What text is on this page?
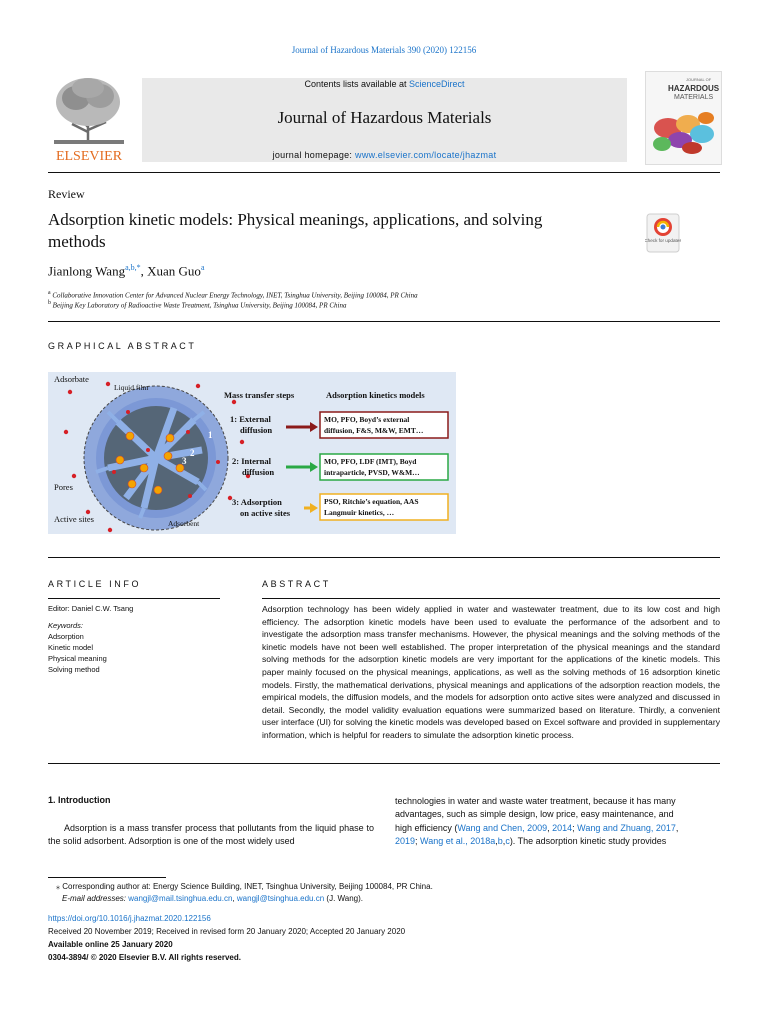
Journal of Hazardous Materials 390 (2020) 122156
ELSEVIER
Contents lists available at ScienceDirect
Journal of Hazardous Materials
journal homepage: www.elsevier.com/locate/jhazmat
JOURNAL OF
HAZARDOUS
MATERIALS
Review
Adsorption kinetic models: Physical meanings, applications, and solving
methods	Check for updates
Jianlong Wang$^{a,b,*}$, Xuan Guo$^a$
$^a$ Collaborative Innovation Center for Advanced Nuclear Energy Technology, INET, Tsinghua University, Beijing 100084, PR China
$^b$ Beijing Key Laboratory of Radioactive Waste Treatment, Tsinghua University, Beijing 100084, PR China
GRAPHICAL ABSTRACT
Adsorbate
Liquid film
Pores
Active sites	Adsorbent
1
2
3
Mass transfer steps	Adsorption kinetics models
1: External
diffusion
MO, PFO, Boyd’s external
diffusion, F&S, M&W, EMT…
2: Internal
diffusion
MO, PFO, LDF (IMT), Boyd
intraparticle, PVSD, W&M…
3: Adsorption
on active sites
PSO, Ritchie’s equation, AAS
Langmuir kinetics, …
ARTICLE INFO
Editor: Daniel C.W. Tsang
Keywords:
Adsorption
Kinetic model
Physical meaning
Solving method
ABSTRACT
Adsorption technology has been widely applied in water and wastewater treatment, due to its low cost and high efficiency. The adsorption kinetic models have been used to evaluate the performance of the adsorbent and to investigate the adsorption mass transfer mechanisms. However, the physical meanings and the solving methods of the kinetic models have not been well established. The proper interpretation of the physical meanings and the standard solving methods for the adsorption kinetic models are very important for the applications of the kinetic models. This paper mainly focused on the physical meanings, applications, as well as the solving methods of 16 adsorption kinetic models. Firstly, the mathematical derivations, physical meanings and applications of the adsorption reaction models, the empirical models, the diffusion models, and the models for adsorption onto active sites were analyzed and discussed in detail. Secondly, the model validity evaluation equations were summarized based on literature. Thirdly, a convenient user interface (UI) for solving the kinetic models was developed based on Excel software and provided in supplementary information, which is helpful for readers to simulate the adsorption kinetic process.
1. Introduction
Adsorption is a mass transfer process that pollutants from the liquid phase to the solid adsorbent. Adsorption is one of the most widely used
technologies in water and waste water treatment, because it has many
advantages, such as simple design, low price, easy maintenance, and
high efficiency (Wang and Chen, 2009, 2014; Wang and Zhuang, 2017,
2019; Wang et al., 2018a,b,c). The adsorption kinetic study provides
⁎ Corresponding author at: Energy Science Building, INET, Tsinghua University, Beijing 100084, PR China.
E-mail addresses: wangjl@mail.tsinghua.edu.cn, wangjl@tsinghua.edu.cn (J. Wang).
https://doi.org/10.1016/j.jhazmat.2020.122156
Received 20 November 2019; Received in revised form 20 January 2020; Accepted 20 January 2020
Available online 25 January 2020
0304-3894/ © 2020 Elsevier B.V. All rights reserved.
